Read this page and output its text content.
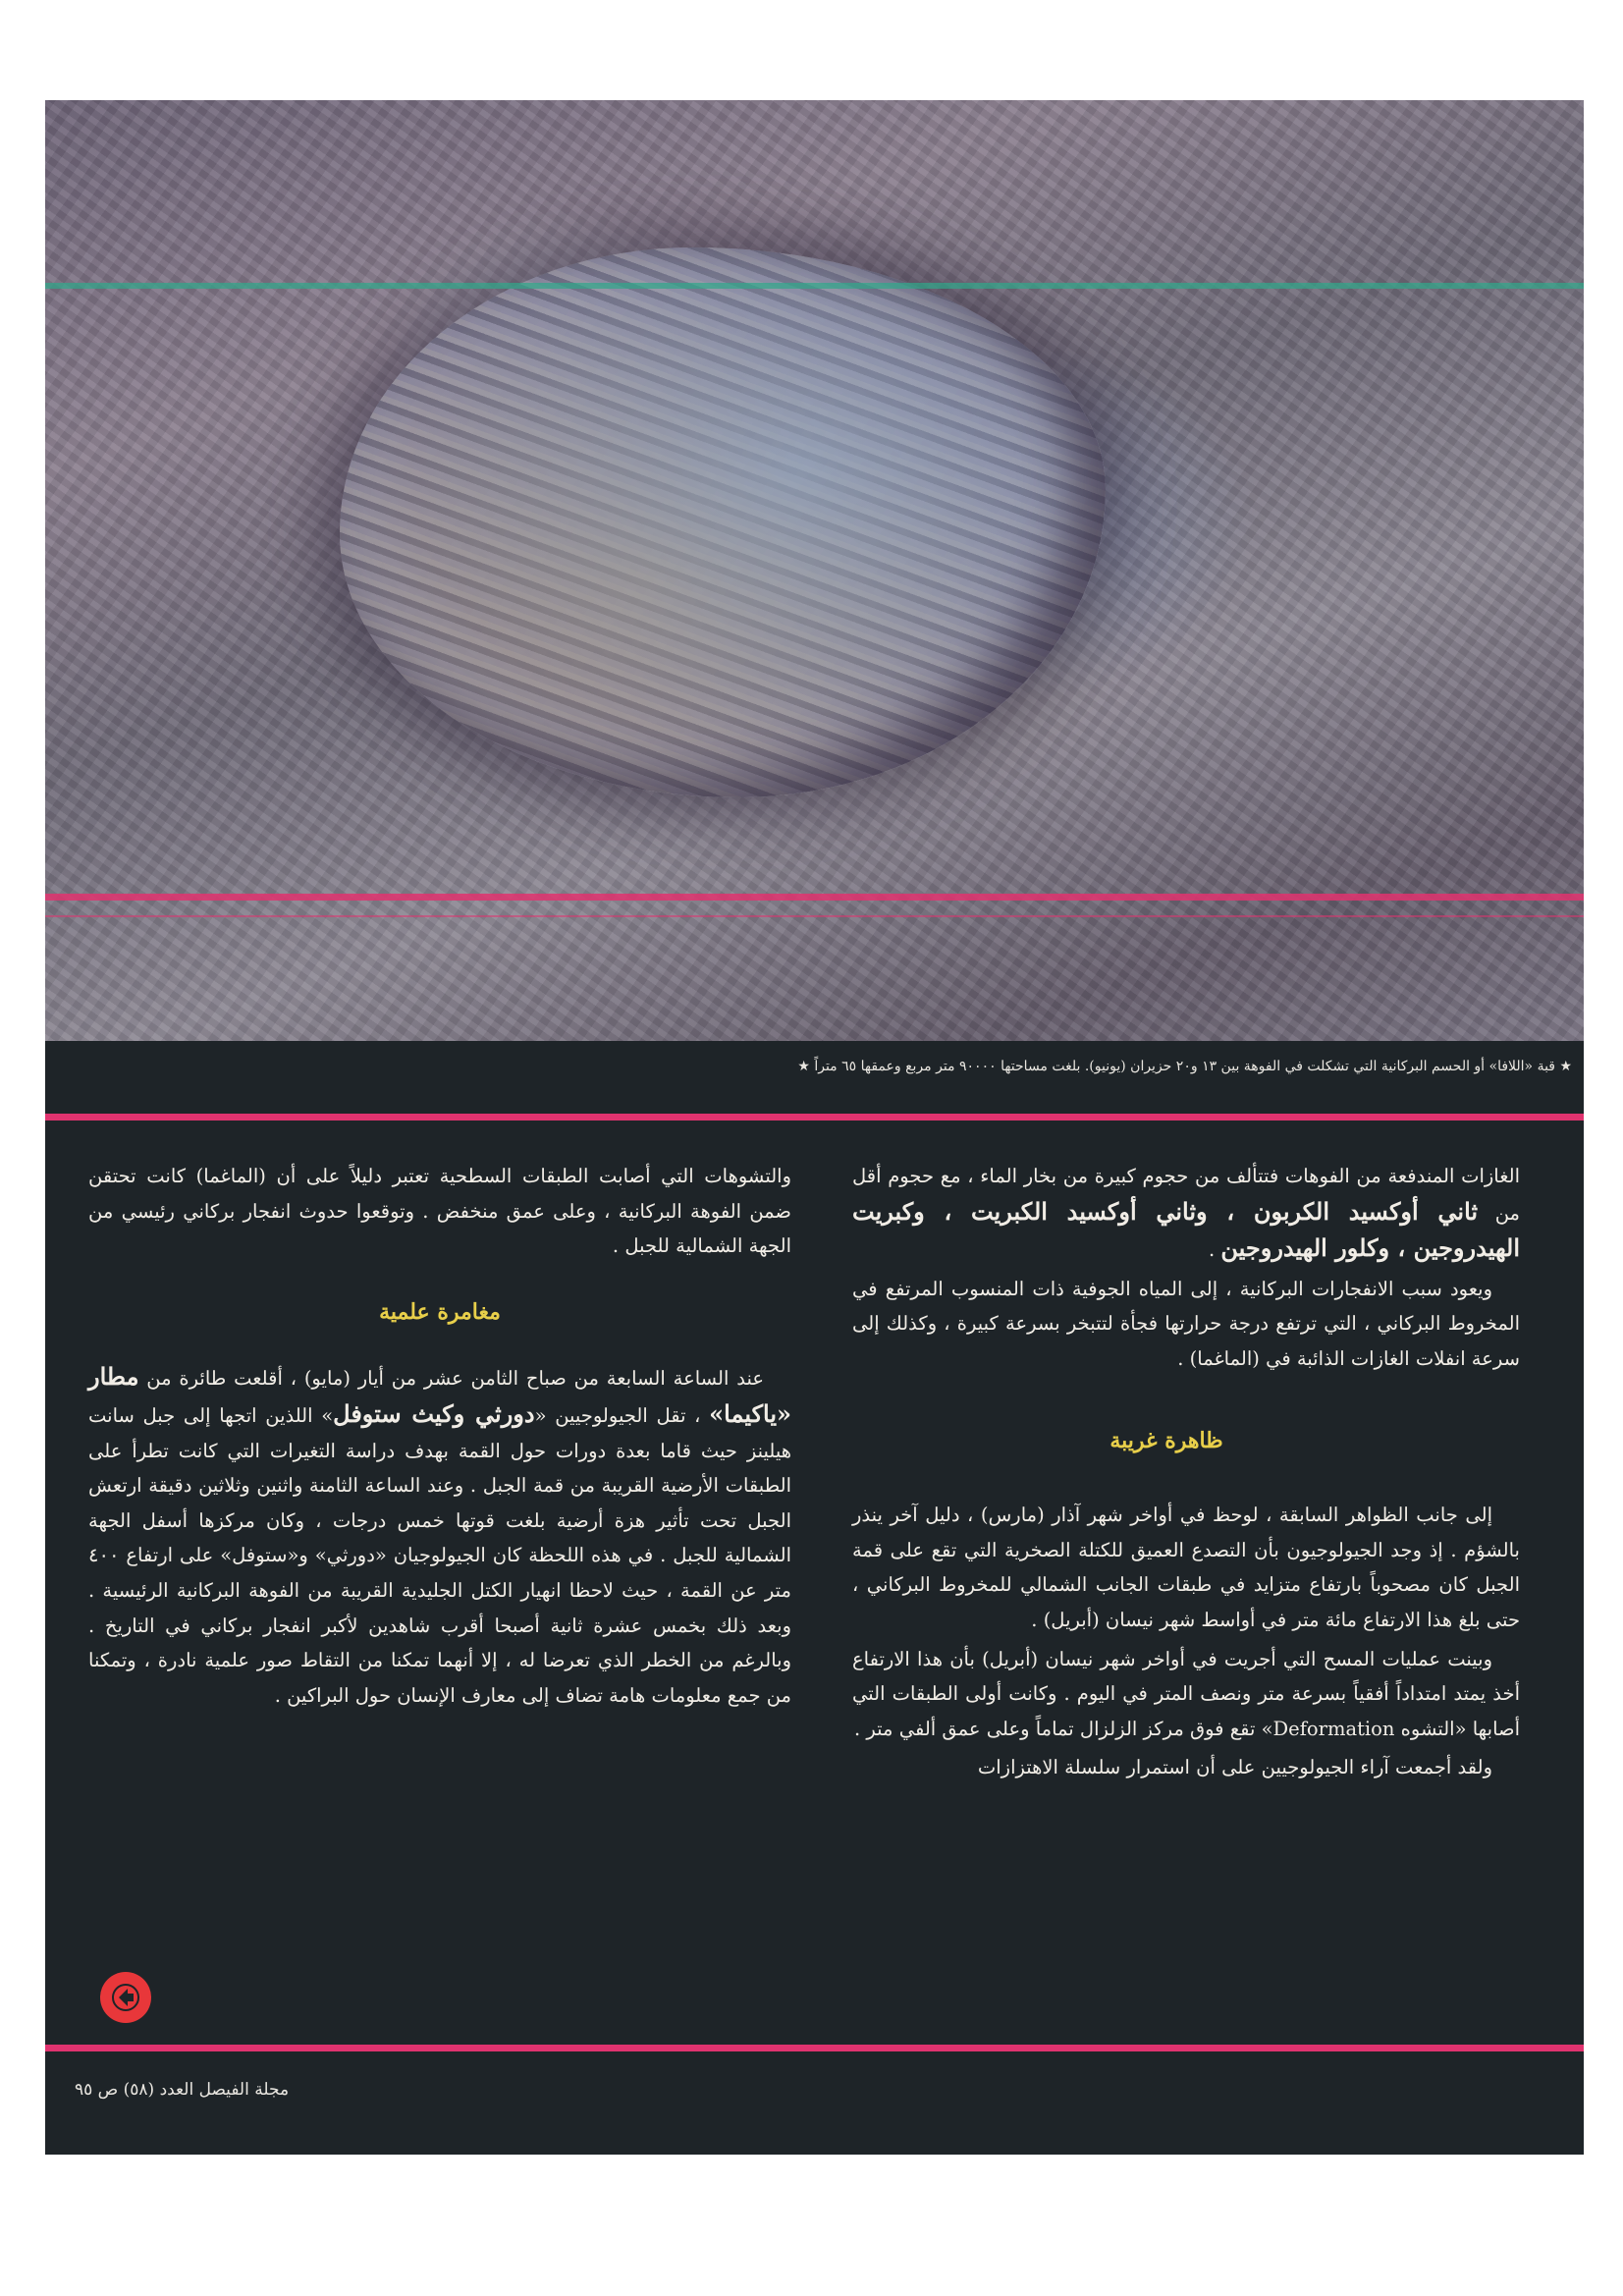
★ قبة «اللافا» أو الحسم البركانية التي تشكلت في الفوهة بين ١٣ و٢٠ حزيران (يونيو). بلغت مساحتها ٩٠٠٠٠ متر مربع وعمقها ٦٥ متراً ★

الغازات المندفعة من الفوهات فتتألف من حجوم كبيرة من بخار الماء ، مع حجوم أقل من ثاني أوكسيد الكربون ، وثاني أوكسيد الكبريت ، وكبريت الهيدروجين ، وكلور الهيدروجين .

ويعود سبب الانفجارات البركانية ، إلى المياه الجوفية ذات المنسوب المرتفع في المخروط البركاني ، التي ترتفع درجة حرارتها فجأة لتتبخر بسرعة كبيرة ، وكذلك إلى سرعة انفلات الغازات الذائبة في (الماغما) .

ظاهرة غريبة

إلى جانب الظواهر السابقة ، لوحظ في أواخر شهر آذار (مارس) ، دليل آخر ينذر بالشؤم . إذ وجد الجيولوجيون بأن التصدع العميق للكتلة الصخرية التي تقع على قمة الجبل كان مصحوباً بارتفاع متزايد في طبقات الجانب الشمالي للمخروط البركاني ، حتى بلغ هذا الارتفاع مائة متر في أواسط شهر نيسان (أبريل) .

وبينت عمليات المسح التي أجريت في أواخر شهر نيسان (أبريل) بأن هذا الارتفاع أخذ يمتد امتداداً أفقياً بسرعة متر ونصف المتر في اليوم . وكانت أولى الطبقات التي أصابها «التشوه Deformation» تقع فوق مركز الزلزال تماماً وعلى عمق ألفي متر .

ولقد أجمعت آراء الجيولوجيين على أن استمرار سلسلة الاهتزازات

والتشوهات التي أصابت الطبقات السطحية تعتبر دليلاً على أن (الماغما) كانت تحتقن ضمن الفوهة البركانية ، وعلى عمق منخفض . وتوقعوا حدوث انفجار بركاني رئيسي من الجهة الشمالية للجبل .

مغامرة علمية

عند الساعة السابعة من صباح الثامن عشر من أيار (مايو) ، أقلعت طائرة من مطار «ياكيما» ، تقل الجيولوجيين «دورثي وكيث ستوفل» اللذين اتجها إلى جبل سانت هيلينز حيث قاما بعدة دورات حول القمة بهدف دراسة التغيرات التي كانت تطرأ على الطبقات الأرضية القريبة من قمة الجبل . وعند الساعة الثامنة واثنين وثلاثين دقيقة ارتعش الجبل تحت تأثير هزة أرضية بلغت قوتها خمس درجات ، وكان مركزها أسفل الجهة الشمالية للجبل . في هذه اللحظة كان الجيولوجيان «دورثي» و«ستوفل» على ارتفاع ٤٠٠ متر عن القمة ، حيث لاحظا انهيار الكتل الجليدية القريبة من الفوهة البركانية الرئيسية . وبعد ذلك بخمس عشرة ثانية أصبحا أقرب شاهدين لأكبر انفجار بركاني في التاريخ . وبالرغم من الخطر الذي تعرضا له ، إلا أنهما تمكنا من التقاط صور علمية نادرة ، وتمكنا من جمع معلومات هامة تضاف إلى معارف الإنسان حول البراكين .

مجلة الفيصل العدد (٥٨) ص ٩٥
